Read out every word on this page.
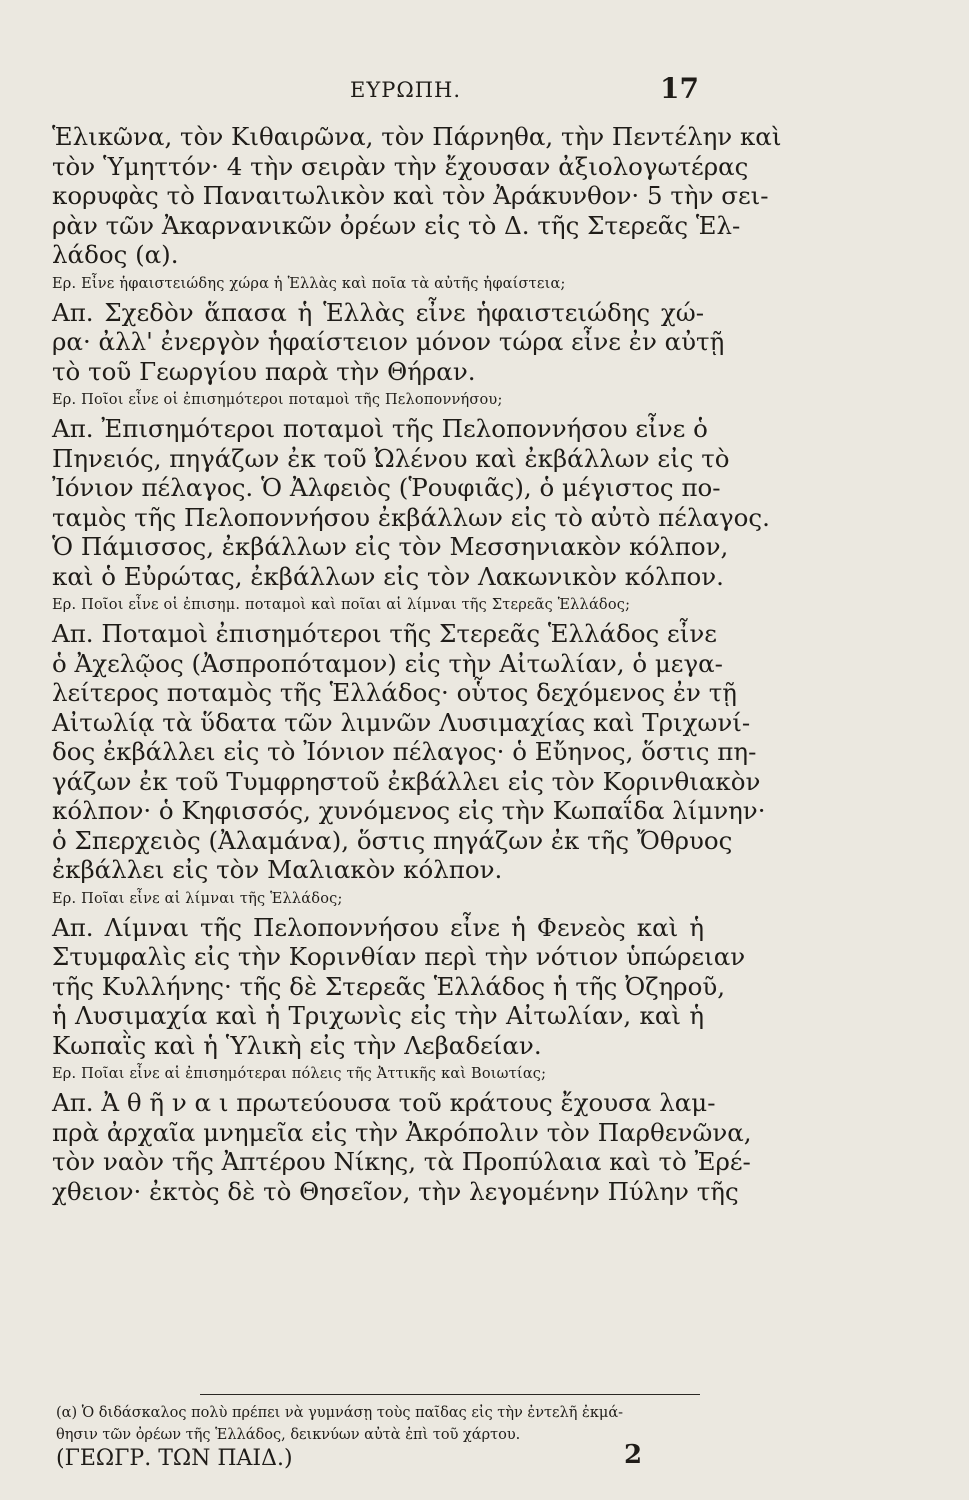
ΕΥΡΩΠΗ.	17
Ἑλικῶνα, τὸν Κιθαιρῶνα, τὸν Πάρνηθα, τὴν Πεντέλην καὶ
τὸν Ὑμηττόν· 4 τὴν σειρὰν τὴν ἔχουσαν ἀξιολογωτέρας
κορυφὰς τὸ Παναιτωλικὸν καὶ τὸν Ἀράκυνθον· 5 τὴν σει-
ρὰν τῶν Ἀκαρνανικῶν ὀρέων εἰς τὸ Δ. τῆς Στερεᾶς Ἑλ-
λάδος (α).
Ερ. Εἶνε ἡφαιστειώδης χώρα ἡ Ἑλλὰς καὶ ποῖα τὰ αὐτῆς ἡφαίστεια;
Απ. Σχεδὸν ἅπασα ἡ Ἑλλὰς εἶνε ἡφαιστειώδης χώ-
ρα· ἀλλ' ἐνεργὸν ἡφαίστειον μόνον τώρα εἶνε ἐν αὐτῇ
τὸ τοῦ Γεωργίου παρὰ τὴν Θήραν.
Ερ. Ποῖοι εἶνε οἱ ἐπισημότεροι ποταμοὶ τῆς Πελοποννήσου;
Απ. Ἐπισημότεροι ποταμοὶ τῆς Πελοποννήσου εἶνε ὁ
Πηνειός, πηγάζων ἐκ τοῦ Ὠλένου καὶ ἐκβάλλων εἰς τὸ
Ἰόνιον πέλαγος. Ὁ Ἀλφειὸς (Ῥουφιᾶς), ὁ μέγιστος πο-
ταμὸς τῆς Πελοποννήσου ἐκβάλλων εἰς τὸ αὐτὸ πέλαγος.
Ὁ Πάμισσος, ἐκβάλλων εἰς τὸν Μεσσηνιακὸν κόλπον,
καὶ ὁ Εὐρώτας, ἐκβάλλων εἰς τὸν Λακωνικὸν κόλπον.
Ερ. Ποῖοι εἶνε οἱ ἐπισημ. ποταμοὶ καὶ ποῖαι αἱ λίμναι τῆς Στερεᾶς Ἑλλάδος;
Απ. Ποταμοὶ ἐπισημότεροι τῆς Στερεᾶς Ἑλλάδος εἶνε
ὁ Ἀχελῷος (Ἀσπροπόταμον) εἰς τὴν Αἰτωλίαν, ὁ μεγα-
λείτερος ποταμὸς τῆς Ἑλλάδος· οὗτος δεχόμενος ἐν τῇ
Αἰτωλίᾳ τὰ ὕδατα τῶν λιμνῶν Λυσιμαχίας καὶ Τριχωνί-
δος ἐκβάλλει εἰς τὸ Ἰόνιον πέλαγος· ὁ Εὔηνος, ὅστις πη-
γάζων ἐκ τοῦ Τυμφρηστοῦ ἐκβάλλει εἰς τὸν Κορινθιακὸν
κόλπον· ὁ Κηφισσός, χυνόμενος εἰς τὴν Κωπαΐδα λίμνην·
ὁ Σπερχειὸς (Ἀλαμάνα), ὅστις πηγάζων ἐκ τῆς Ὄθρυος
ἐκβάλλει εἰς τὸν Μαλιακὸν κόλπον.
Ερ. Ποῖαι εἶνε αἱ λίμναι τῆς Ἑλλάδος;
Απ. Λίμναι τῆς Πελοποννήσου εἶνε ἡ Φενεὸς καὶ ἡ
Στυμφαλὶς εἰς τὴν Κορινθίαν περὶ τὴν νότιον ὑπώρειαν
τῆς Κυλλήνης· τῆς δὲ Στερεᾶς Ἑλλάδος ἡ τῆς Ὀζηροῦ,
ἡ Λυσιμαχία καὶ ἡ Τριχωνὶς εἰς τὴν Αἰτωλίαν, καὶ ἡ
Κωπαῒς καὶ ἡ Ὑλικὴ εἰς τὴν Λεβαδείαν.
Ερ. Ποῖαι εἶνε αἱ ἐπισημότεραι πόλεις τῆς Ἀττικῆς καὶ Βοιωτίας;
Απ. Ἀ θ ῆ ν α ι πρωτεύουσα τοῦ κράτους ἔχουσα λαμ-
πρὰ ἀρχαῖα μνημεῖα εἰς τὴν Ἀκρόπολιν τὸν Παρθενῶνα,
τὸν ναὸν τῆς Ἀπτέρου Νίκης, τὰ Προπύλαια καὶ τὸ Ἐρέ-
χθειον· ἐκτὸς δὲ τὸ Θησεῖον, τὴν λεγομένην Πύλην τῆς
(α) Ὁ διδάσκαλος πολὺ πρέπει νὰ γυμνάσῃ τοὺς παῖδας εἰς τὴν ἐντελῆ ἐκμά-
θησιν τῶν ὀρέων τῆς Ἑλλάδος, δεικνύων αὐτὰ ἐπὶ τοῦ χάρτου.
(ΓΕΩΓΡ. ΤΩΝ ΠΑΙΔ.)	2
